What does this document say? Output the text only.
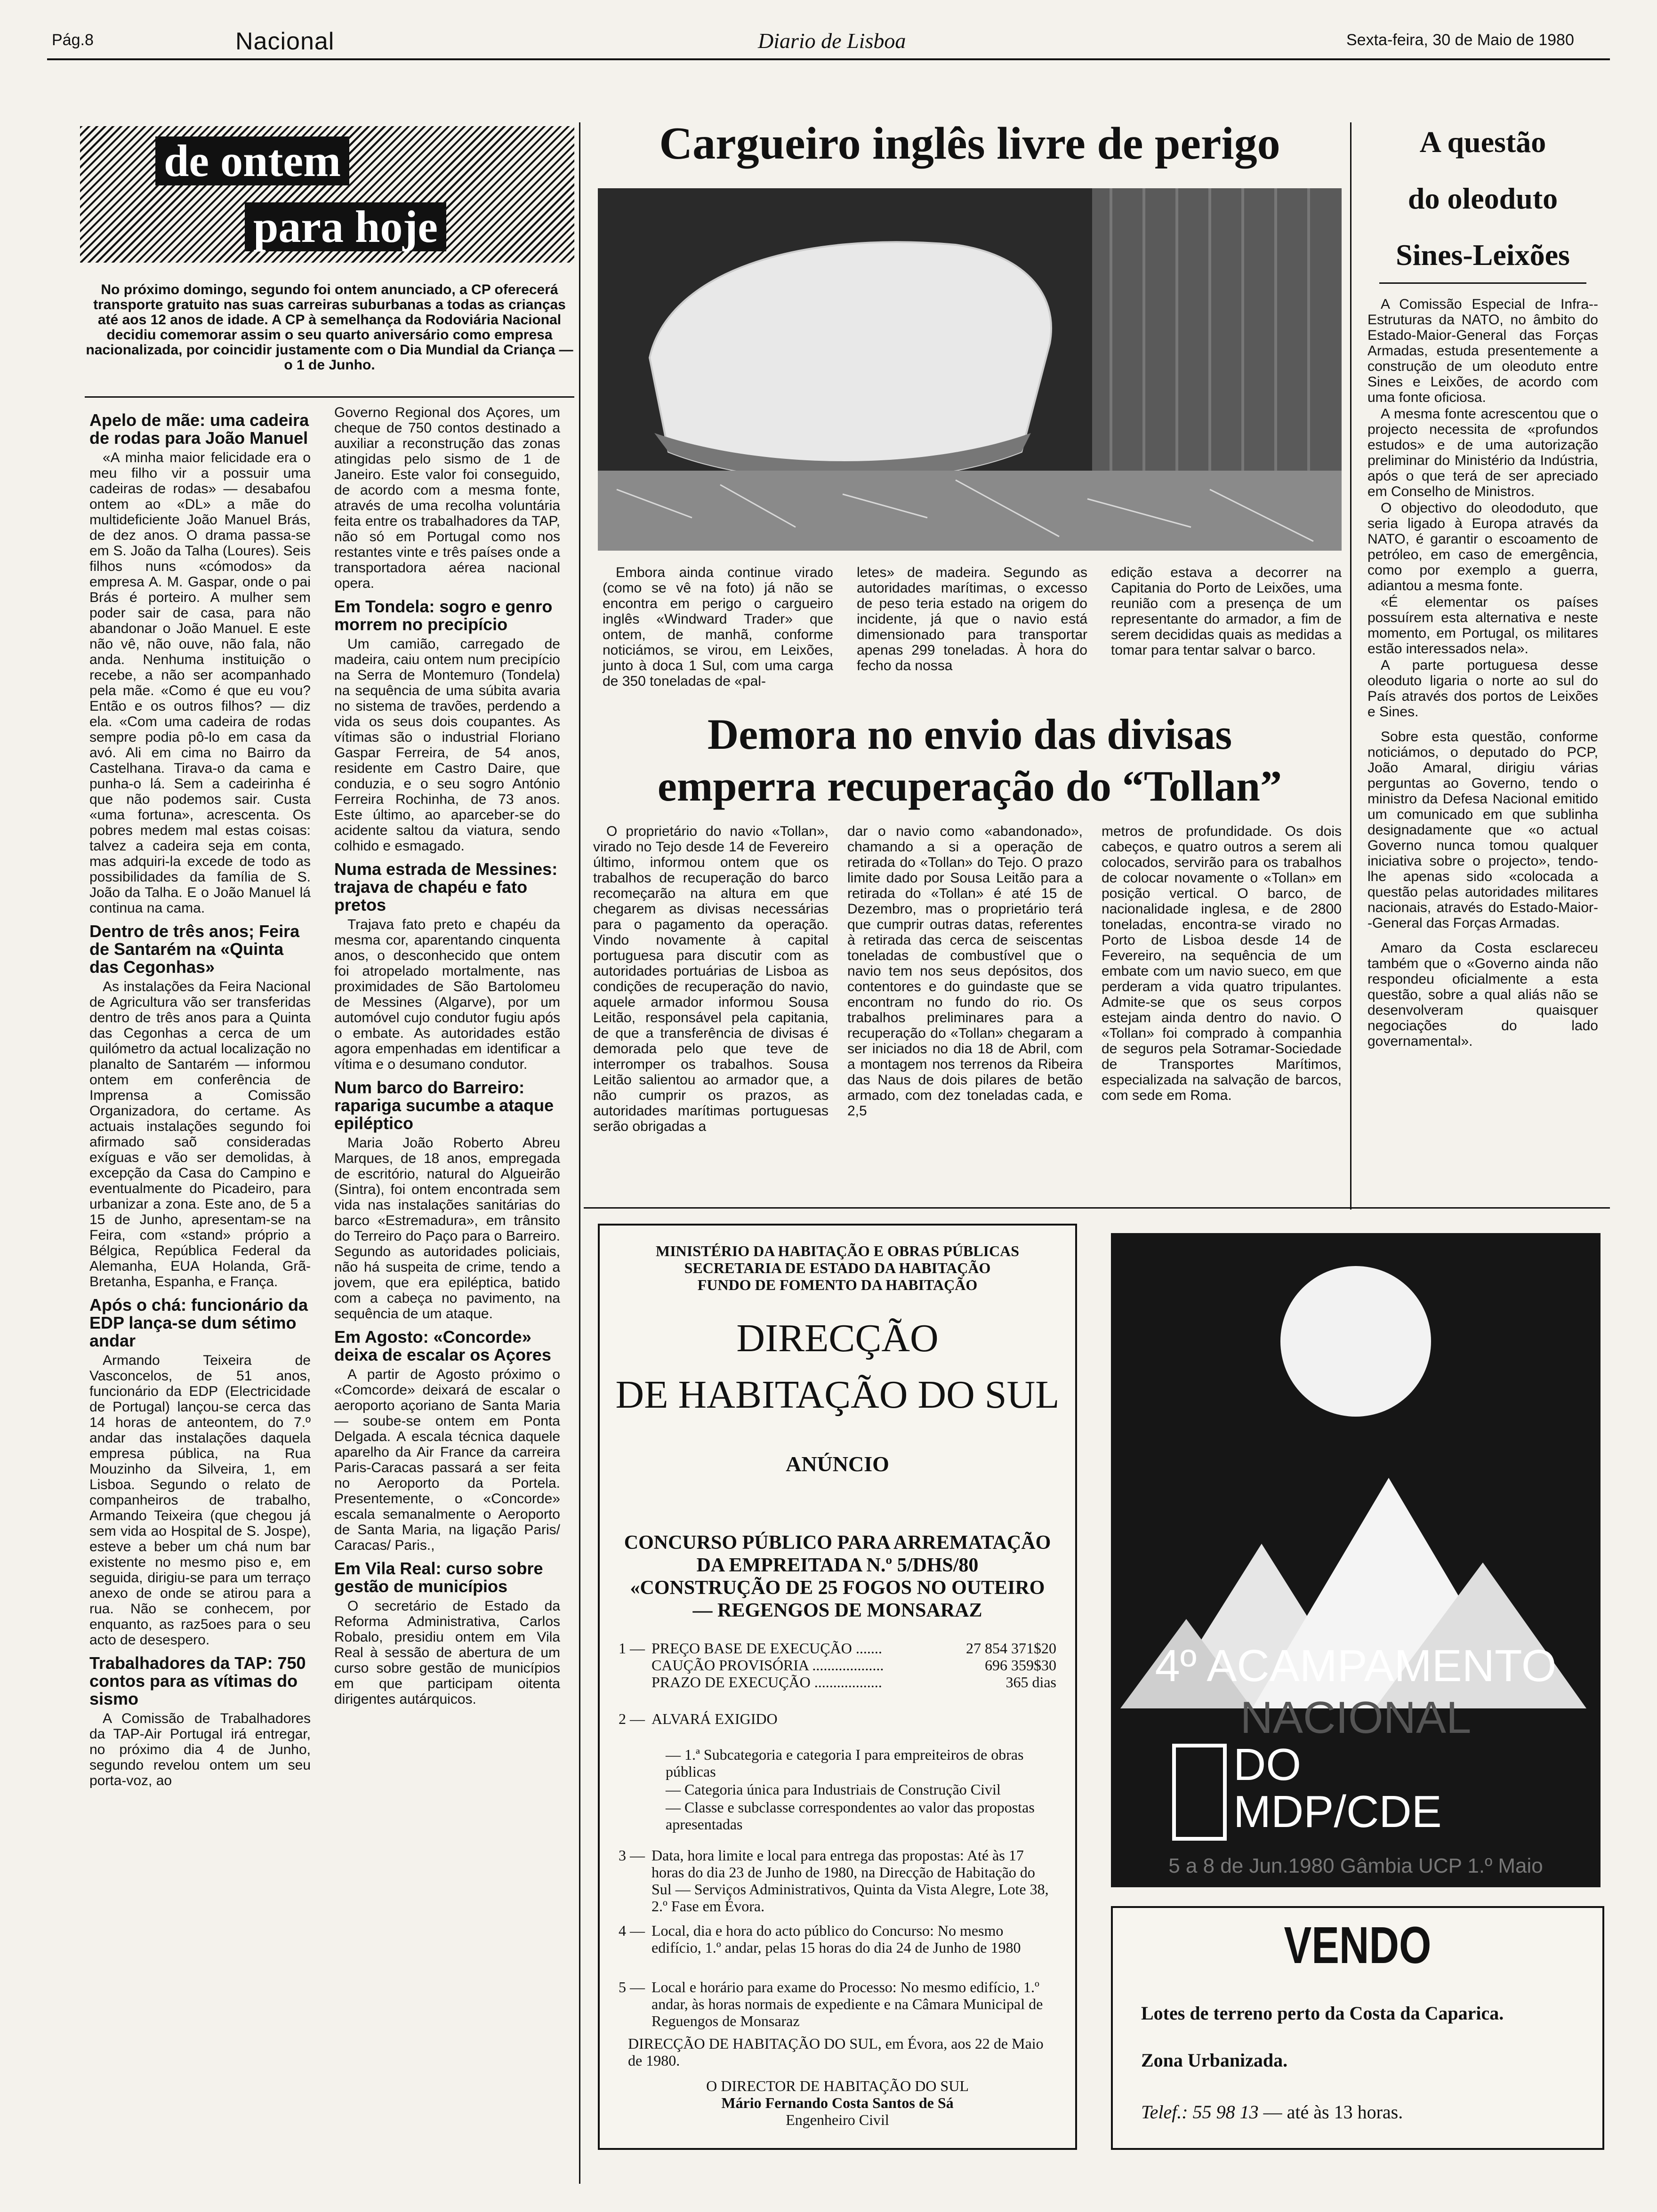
Pág.8	Nacional	Diario de Lisboa	Sexta-feira, 30 de Maio de 1980
de ontem
para hoje
No próximo domingo, segundo foi ontem anunciado, a CP oferecerá transporte gratuito nas suas carreiras suburbanas a todas as crianças até aos 12 anos de idade. A CP à semelhança da Rodoviária Nacional decidiu comemorar assim o seu quarto aniversário como empresa nacionalizada, por coincidir justamente com o Dia Mundial da Criança — o 1 de Junho.
Apelo de mãe: uma cadeira de rodas para João Manuel

«A minha maior felicidade era o meu filho vir a possuir uma cadeiras de rodas» — desabafou ontem ao «DL» a mãe do multideficiente João Manuel Brás, de dez anos. O drama passa-se em S. João da Talha (Loures). Seis filhos nuns «cómodos» da empresa A. M. Gaspar, onde o pai Brás é porteiro. A mulher sem poder sair de casa, para não abandonar o João Manuel. E este não vê, não ouve, não fala, não anda. Nenhuma instituição o recebe, a não ser acompanhado pela mãe. «Como é que eu vou? Então e os outros filhos? — diz ela. «Com uma cadeira de rodas sempre podia pô-lo em casa da avó. Ali em cima no Bairro da Castelhana. Tirava-o da cama e punha-o lá. Sem a cadeirinha é que não podemos sair. Custa «uma fortuna», acrescenta. Os pobres medem mal estas coisas: talvez a cadeira seja em conta, mas adquiri-la excede de todo as possibilidades da família de S. João da Talha. E o João Manuel lá continua na cama.

Dentro de três anos; Feira de Santarém na «Quinta das Cegonhas»

As instalações da Feira Nacional de Agricultura vão ser transferidas dentro de três anos para a Quinta das Cegonhas a cerca de um quilómetro da actual localização no planalto de Santarém — informou ontem em conferência de Imprensa a Comissão Organizadora, do certame. As actuais instalações segundo foi afirmado saõ consideradas exíguas e vão ser demolidas, à excepção da Casa do Campino e eventualmente do Picadeiro, para urbanizar a zona. Este ano, de 5 a 15 de Junho, apresentam-se na Feira, com «stand» próprio a Bélgica, República Federal da Alemanha, EUA Holanda, Grã-Bretanha, Espanha, e França.

Após o chá: funcionário da EDP lança-se dum sétimo andar

Armando Teixeira de Vasconcelos, de 51 anos, funcionário da EDP (Electricidade de Portugal) lançou-se cerca das 14 horas de anteontem, do 7.º andar das instalações daquela empresa pública, na Rua Mouzinho da Silveira, 1, em Lisboa. Segundo o relato de companheiros de trabalho, Armando Teixeira (que chegou já sem vida ao Hospital de S. Jospe), esteve a beber um chá num bar existente no mesmo piso e, em seguida, dirigiu-se para um terraço anexo de onde se atirou para a rua. Não se conhecem, por enquanto, as raz5oes para o seu acto de desespero.

Trabalhadores da TAP: 750 contos para as vítimas do sismo

A Comissão de Trabalhadores da TAP-Air Portugal irá entregar, no próximo dia 4 de Junho, segundo revelou ontem um seu porta-voz, ao

Governo Regional dos Açores, um cheque de 750 contos destinado a auxiliar a reconstrução das zonas atingidas pelo sismo de 1 de Janeiro. Este valor foi conseguido, de acordo com a mesma fonte, através de uma recolha voluntária feita entre os trabalhadores da TAP, não só em Portugal como nos restantes vinte e três países onde a transportadora aérea nacional opera.

Em Tondela: sogro e genro morrem no precipício

Um camião, carregado de madeira, caiu ontem num precipício na Serra de Montemuro (Tondela) na sequência de uma súbita avaria no sistema de travões, perdendo a vida os seus dois coupantes. As vítimas são o industrial Floriano Gaspar Ferreira, de 54 anos, residente em Castro Daire, que conduzia, e o seu sogro António Ferreira Rochinha, de 73 anos. Este último, ao aparceber-se do acidente saltou da viatura, sendo colhido e esmagado.

Numa estrada de Messines: trajava de chapéu e fato pretos

Trajava fato preto e chapéu da mesma cor, aparentando cinquenta anos, o desconhecido que ontem foi atropelado mortalmente, nas proximidades de São Bartolomeu de Messines (Algarve), por um automóvel cujo condutor fugiu após o embate. As autoridades estão agora empenhadas em identificar a vítima e o desumano condutor.

Num barco do Barreiro: rapariga sucumbe a ataque epiléptico

Maria João Roberto Abreu Marques, de 18 anos, empregada de escritório, natural do Algueirão (Sintra), foi ontem encontrada sem vida nas instalações sanitárias do barco «Estremadura», em trânsito do Terreiro do Paço para o Barreiro. Segundo as autoridades policiais, não há suspeita de crime, tendo a jovem, que era epiléptica, batido com a cabeça no pavimento, na sequência de um ataque.

Em Agosto: «Concorde» deixa de escalar os Açores

A partir de Agosto próximo o «Comcorde» deixará de escalar o aeroporto açoriano de Santa Maria — soube-se ontem em Ponta Delgada. A escala técnica daquele aparelho da Air France da carreira Paris-Caracas passará a ser feita no Aeroporto da Portela. Presentemente, o «Concorde» escala semanalmente o Aeroporto de Santa Maria, na ligação Paris/ Caracas/ Paris.,

Em Vila Real: curso sobre gestão de municípios

O secretário de Estado da Reforma Administrativa, Carlos Robalo, presidiu ontem em Vila Real à sessão de abertura de um curso sobre gestão de municípios em que participam oitenta dirigentes autárquicos.

Cargueiro inglês livre de perigo

Embora ainda continue virado (como se vê na foto) já não se encontra em perigo o cargueiro inglês «Windward Trader» que ontem, de manhã, conforme noticiámos, se virou, em Leixões, junto à doca 1 Sul, com uma carga de 350 toneladas de «pal-

letes» de madeira. Segundo as autoridades marítimas, o excesso de peso teria estado na origem do incidente, já que o navio está dimensionado para transportar apenas 299 toneladas. À hora do fecho da nossa

edição estava a decorrer na Capitania do Porto de Leixões, uma reunião com a presença de um representante do armador, a fim de serem decididas quais as medidas a tomar para tentar salvar o barco.

Demora no envio das divisas
emperra recuperação do “Tollan”

O proprietário do navio «Tollan», virado no Tejo desde 14 de Fevereiro último, informou ontem que os trabalhos de recuperação do barco recomeçarão na altura em que chegarem as divisas necessárias para o pagamento da operação. Vindo novamente à capital portuguesa para discutir com as autoridades portuárias de Lisboa as condições de recuperação do navio, aquele armador informou Sousa Leitão, responsável pela capitania, de que a transferência de divisas é demorada pelo que teve de interromper os trabalhos. Sousa Leitão salientou ao armador que, a não cumprir os prazos, as autoridades marítimas portuguesas serão obrigadas a

dar o navio como «abandonado», chamando a si a operação de retirada do «Tollan» do Tejo. O prazo limite dado por Sousa Leitão para a retirada do «Tollan» é até 15 de Dezembro, mas o proprietário terá que cumprir outras datas, referentes à retirada das cerca de seiscentas toneladas de combustível que o navio tem nos seus depósitos, dos contentores e do guindaste que se encontram no fundo do rio. Os trabalhos preliminares para a recuperação do «Tollan» chegaram a ser iniciados no dia 18 de Abril, com a montagem nos terrenos da Ribeira das Naus de dois pilares de betão armado, com dez toneladas cada, e 2,5

metros de profundidade. Os dois cabeços, e quatro outros a serem ali colocados, servirão para os trabalhos de colocar novamente o «Tollan» em posição vertical. O barco, de nacionalidade inglesa, e de 2800 toneladas, encontra-se virado no Porto de Lisboa desde 14 de Fevereiro, na sequência de um embate com um navio sueco, em que perderam a vida quatro tripulantes. Admite-se que os seus corpos estejam ainda dentro do navio. O «Tollan» foi comprado à companhia de seguros pela Sotramar-Sociedade de Transportes Marítimos, especializada na salvação de barcos, com sede em Roma.

A questão
do oleoduto
Sines-Leixões

A Comissão Especial de Infra--Estruturas da NATO, no âmbito do Estado-Maior-General das Forças Armadas, estuda presentemente a construção de um oleoduto entre Sines e Leixões, de acordo com uma fonte oficiosa.

A mesma fonte acrescentou que o projecto necessita de «profundos estudos» e de uma autorização preliminar do Ministério da Indústria, após o que terá de ser apreciado em Conselho de Ministros.

O objectivo do oleododuto, que seria ligado à Europa através da NATO, é garantir o escoamento de petróleo, em caso de emergência, como por exemplo a guerra, adiantou a mesma fonte.

«É elementar os países possuírem esta alternativa e neste momento, em Portugal, os militares estão interessados nela».

A parte portuguesa desse oleoduto ligaria o norte ao sul do País através dos portos de Leixões e Sines.

Sobre esta questão, conforme noticiámos, o deputado do PCP, João Amaral, dirigiu várias perguntas ao Governo, tendo o ministro da Defesa Nacional emitido um comunicado em que sublinha designadamente que «o actual Governo nunca tomou qualquer iniciativa sobre o projecto», tendo-lhe apenas sido «colocada a questão pelas autoridades militares nacionais, através do Estado-Maior--General das Forças Armadas.

Amaro da Costa esclareceu também que o «Governo ainda não respondeu oficialmente a esta questão, sobre a qual aliás não se desenvolveram quaisquer negociações do lado governamental».

MINISTÉRIO DA HABITAÇÃO E OBRAS PÚBLICAS
SECRETARIA DE ESTADO DA HABITAÇÃO
FUNDO DE FOMENTO DA HABITAÇÃO
DIRECÇÃO
DE HABITAÇÃO DO SUL
ANÚNCIO
CONCURSO PÚBLICO PARA ARREMATAÇÃO
DA EMPREITADA N.º 5/DHS/80
«CONSTRUÇÃO DE 25 FOGOS NO OUTEIRO
— REGENGOS DE MONSARAZ
1 — PREÇO BASE DE EXECUÇÃO .......	27 854 371$20
CAUÇÃO PROVISÓRIA ...................	696 359$30
PRAZO DE EXECUÇÃO ..................	365 dias
2 — ALVARÁ EXIGIDO
— 1.ª Subcategoria e categoria I para empreiteiros de obras públicas
— Categoria única para Industriais de Construção Civil
— Classe e subclasse correspondentes ao valor das propostas apresentadas
3 — Data, hora limite e local para entrega das propostas: Até às 17 horas do dia 23 de Junho de 1980, na Direcção de Habitação do Sul — Serviços Administrativos, Quinta da Vista Alegre, Lote 38, 2.º Fase em Évora.
4 — Local, dia e hora do acto público do Concurso: No mesmo edifício, 1.º andar, pelas 15 horas do dia 24 de Junho de 1980
5 — Local e horário para exame do Processo: No mesmo edifício, 1.º andar, às horas normais de expediente e na Câmara Municipal de Reguengos de Monsaraz
DIRECÇÃO DE HABITAÇÃO DO SUL, em Évora, aos 22 de Maio de 1980.
O DIRECTOR DE HABITAÇÃO DO SUL
Mário Fernando Costa Santos de Sá
Engenheiro Civil
4º ACAMPAMENTO
NACIONAL
DO
MDP/CDE
5 a 8 de Jun.1980 Gâmbia UCP 1.º Maio
VENDO
Lotes de terreno perto da Costa da Caparica.
Zona Urbanizada.
Telef.: 55 98 13 — até às 13 horas.
